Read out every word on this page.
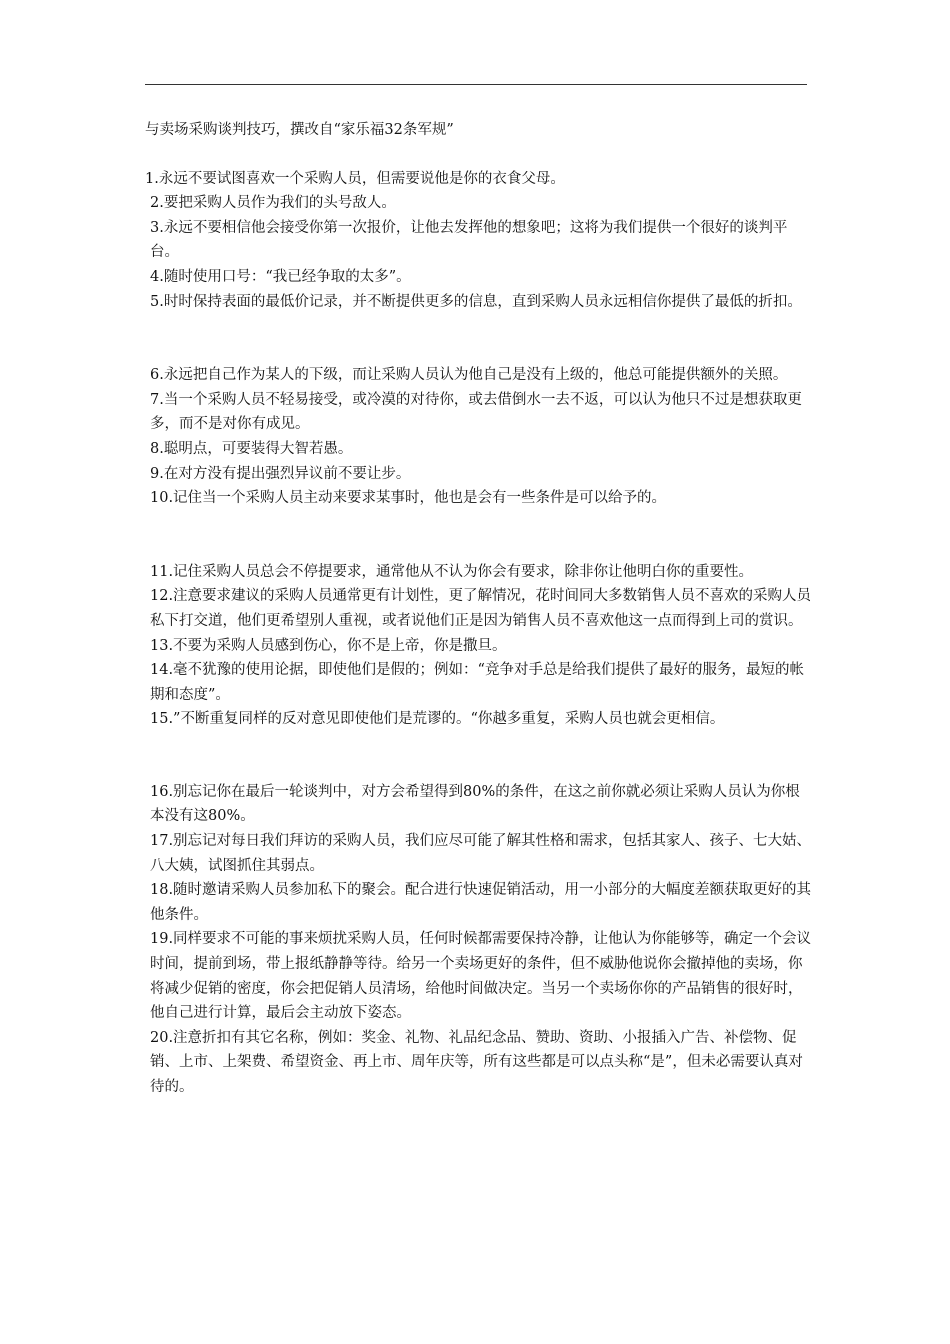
与卖场采购谈判技巧，撰改自“家乐福32条军规”

1.永远不要试图喜欢一个采购人员，但需要说他是你的衣食父母。

2.要把采购人员作为我们的头号敌人。

3.永远不要相信他会接受你第一次报价，让他去发挥他的想象吧；这将为我们提供一个很好的谈判平台。

4.随时使用口号：“我已经争取的太多”。

5.时时保持表面的最低价记录，并不断提供更多的信息，直到采购人员永远相信你提供了最低的折扣。

6.永远把自己作为某人的下级，而让采购人员认为他自己是没有上级的，他总可能提供额外的关照。

7.当一个采购人员不轻易接受，或冷漠的对待你，或去借倒水一去不返，可以认为他只不过是想获取更多，而不是对你有成见。

8.聪明点，可要装得大智若愚。

9.在对方没有提出强烈异议前不要让步。

10.记住当一个采购人员主动来要求某事时，他也是会有一些条件是可以给予的。

11.记住采购人员总会不停提要求，通常他从不认为你会有要求，除非你让他明白你的重要性。

12.注意要求建议的采购人员通常更有计划性，更了解情况，花时间同大多数销售人员不喜欢的采购人员私下打交道，他们更希望别人重视，或者说他们正是因为销售人员不喜欢他这一点而得到上司的赏识。

13.不要为采购人员感到伤心，你不是上帝，你是撒旦。

14.毫不犹豫的使用论据，即使他们是假的；例如：“竞争对手总是给我们提供了最好的服务，最短的帐期和态度”。

15.”不断重复同样的反对意见即使他们是荒谬的。“你越多重复，采购人员也就会更相信。

16.别忘记你在最后一轮谈判中，对方会希望得到80%的条件，在这之前你就必须让采购人员认为你根本没有这80%。

17.别忘记对每日我们拜访的采购人员，我们应尽可能了解其性格和需求，包括其家人、孩子、七大姑、八大姨，试图抓住其弱点。

18.随时邀请采购人员参加私下的聚会。配合进行快速促销活动，用一小部分的大幅度差额获取更好的其他条件。

19.同样要求不可能的事来烦扰采购人员，任何时候都需要保持冷静，让他认为你能够等，确定一个会议时间，提前到场，带上报纸静静等待。给另一个卖场更好的条件，但不威胁他说你会撤掉他的卖场，你将减少促销的密度，你会把促销人员清场，给他时间做决定。当另一个卖场你你的产品销售的很好时，他自己进行计算，最后会主动放下姿态。

20.注意折扣有其它名称，例如：奖金、礼物、礼品纪念品、赞助、资助、小报插入广告、补偿物、促销、上市、上架费、希望资金、再上市、周年庆等，所有这些都是可以点头称“是”，但未必需要认真对待的。
